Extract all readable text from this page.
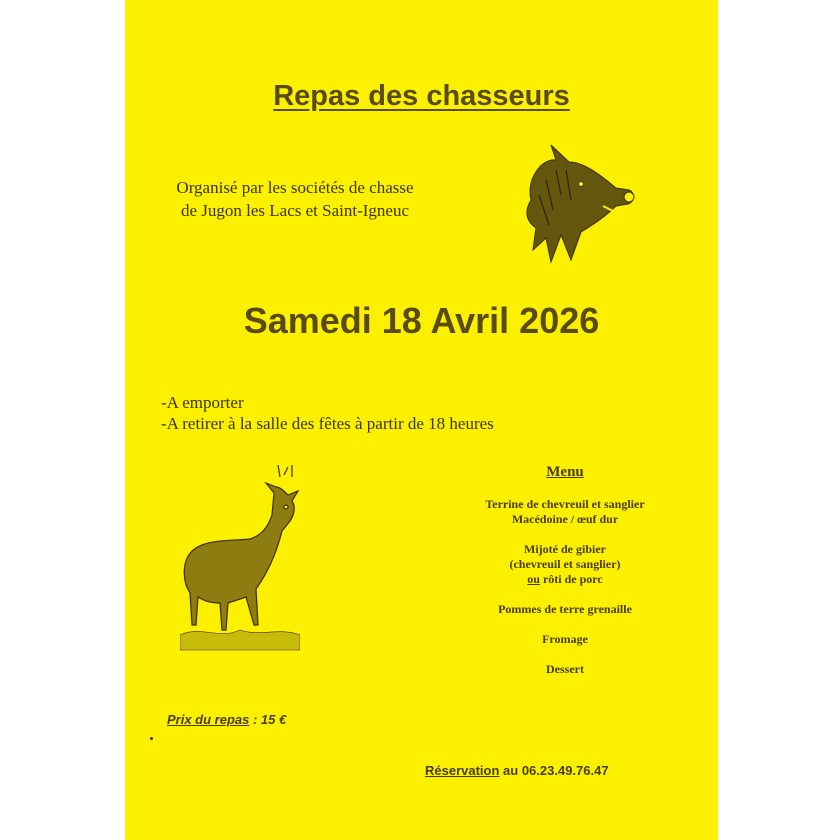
Repas des chasseurs
Organisé par les sociétés de chasse
de Jugon les Lacs et Saint-Igneuc
Samedi 18 Avril 2026
-A emporter
-A retirer à la salle des fêtes à partir de 18 heures
Menu
Terrine de chevreuil et sanglier
Macédoine / œuf dur
Mijoté de gibier
(chevreuil et sanglier)
ou rôti de porc
Pommes de terre grenaille
Fromage
Dessert
Prix du repas : 15 €
Réservation au 06.23.49.76.47
